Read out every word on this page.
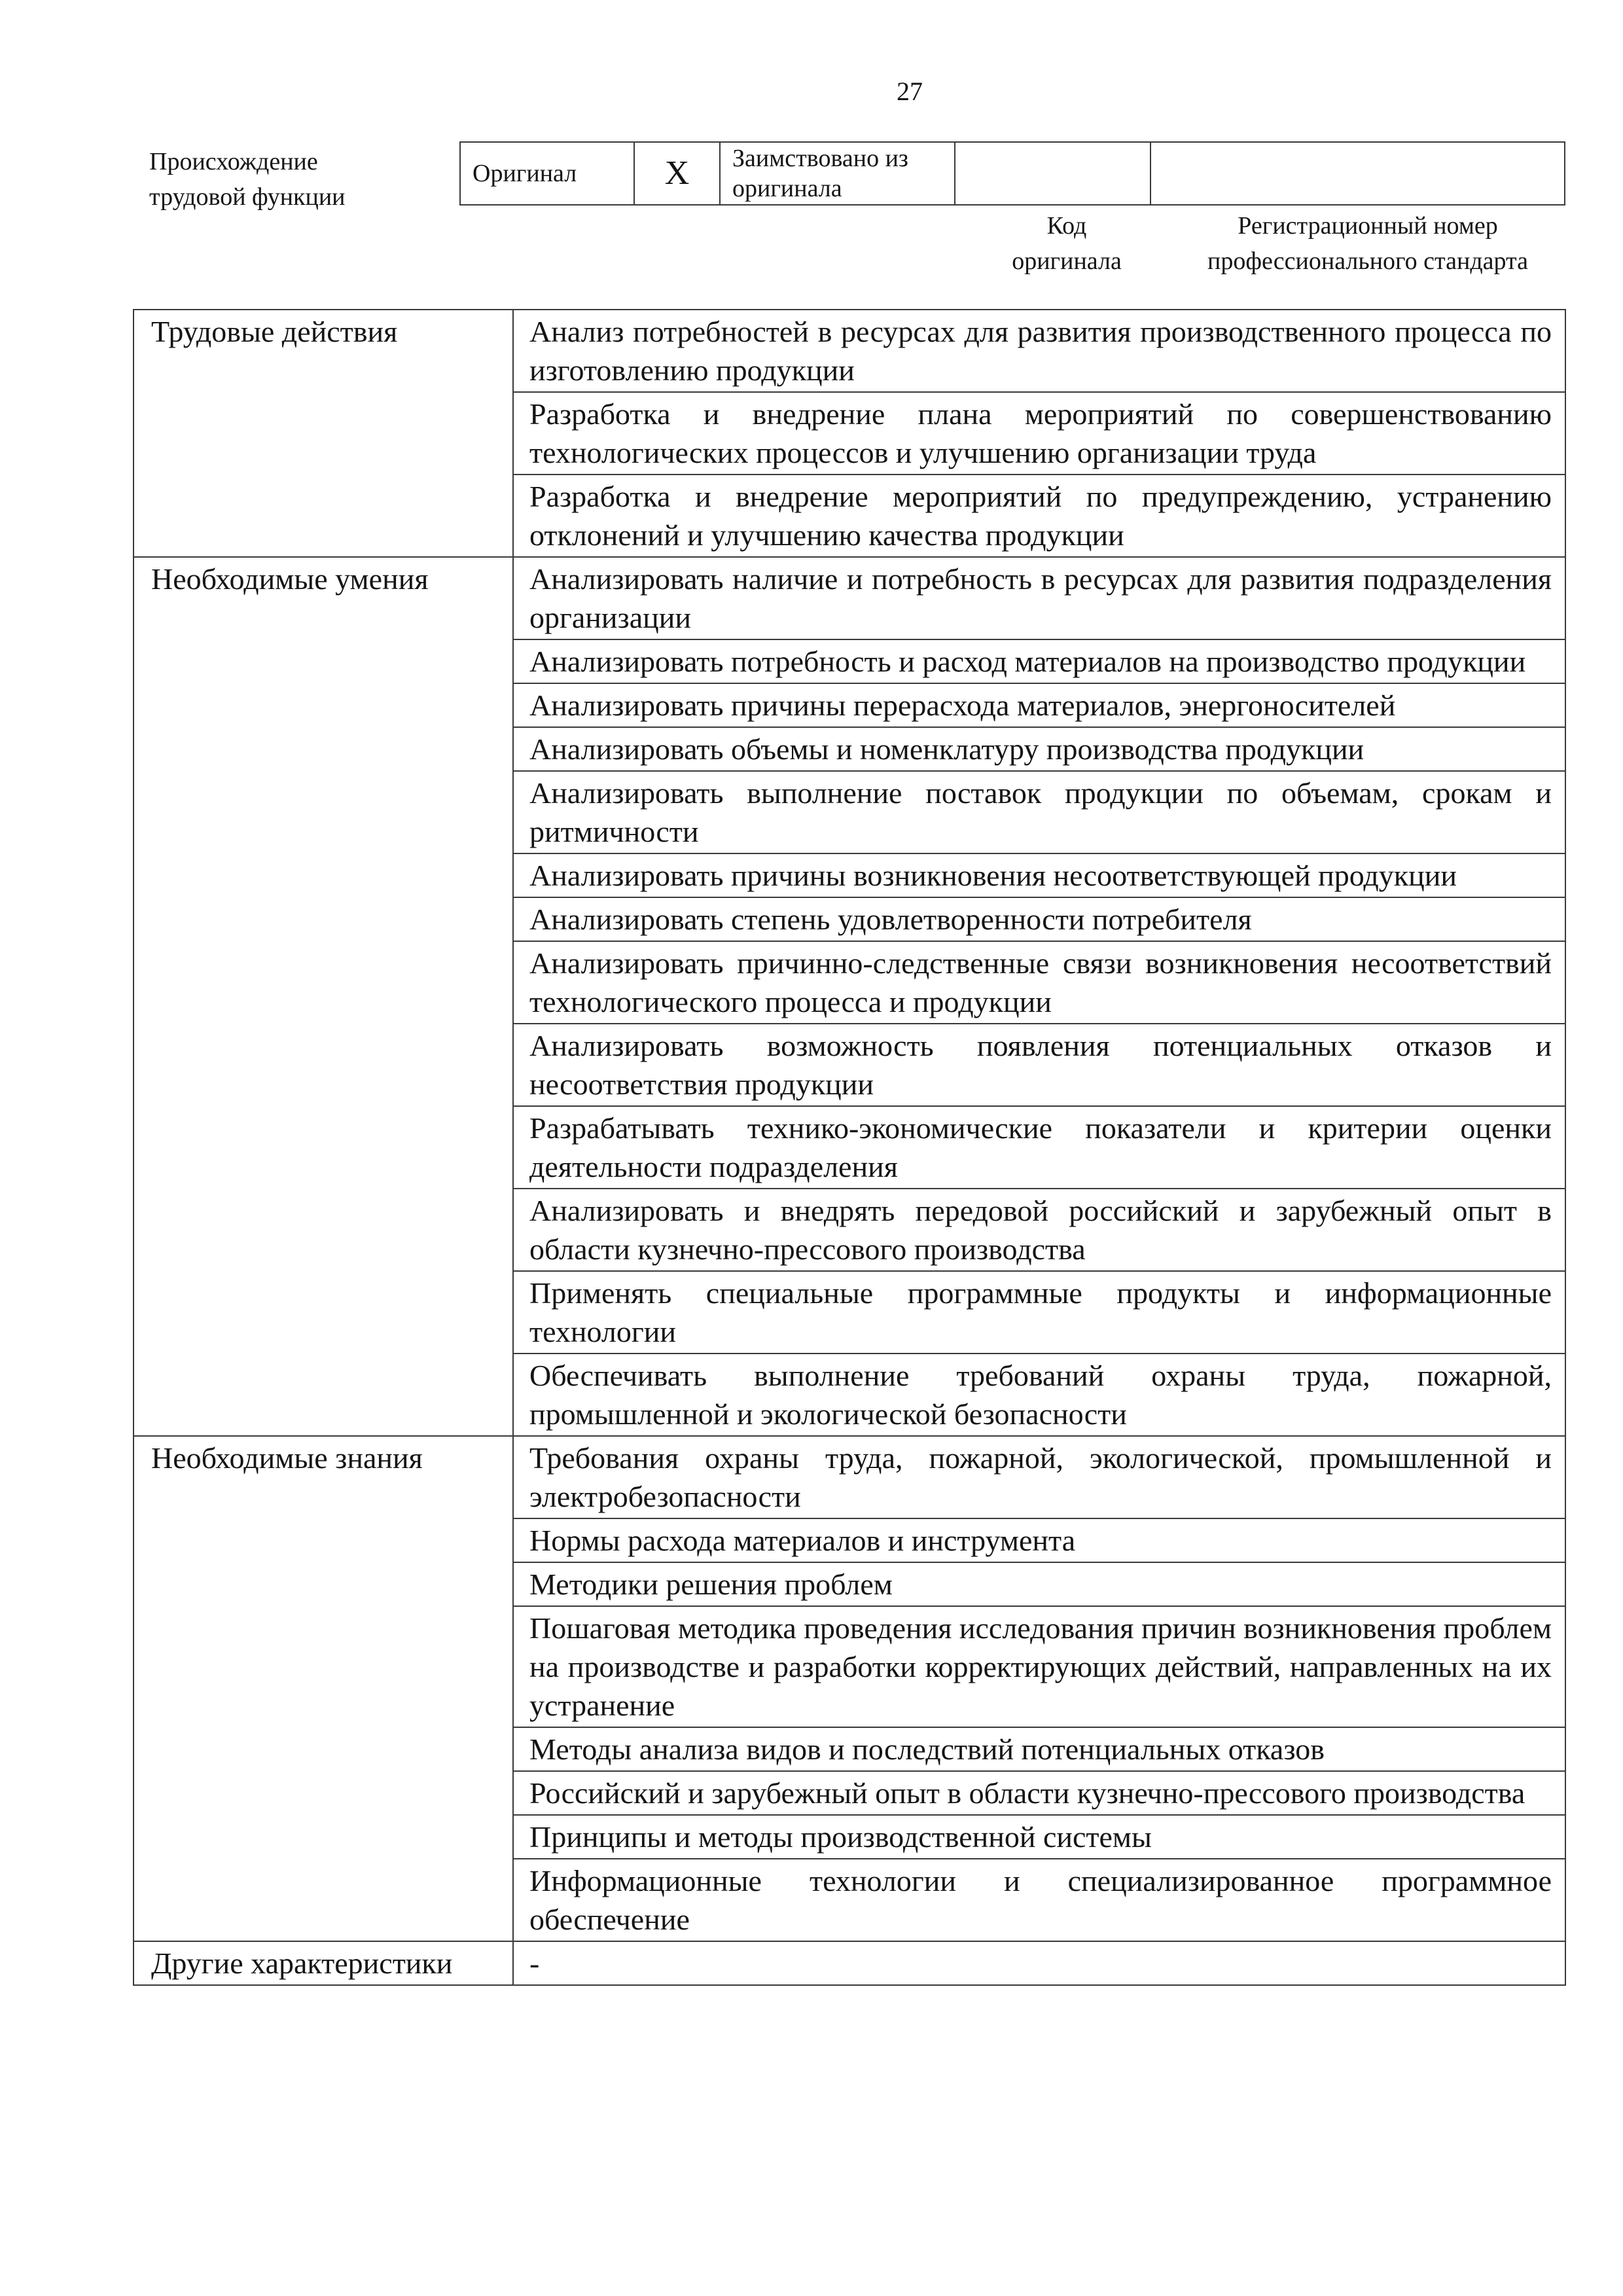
27
Происхождение
трудовой функции
Оригинал	X	Заимствовано из
оригинала

Код
оригинала
Регистрационный номер
профессионального стандарта
Трудовые действия	Анализ потребностей в ресурсах для развития производственного процесса по изготовлению продукции
	Разработка и внедрение плана мероприятий по совершенствованию технологических процессов и улучшению организации труда
	Разработка и внедрение мероприятий по предупреждению, устранению отклонений и улучшению качества продукции
Необходимые умения	Анализировать наличие и потребность в ресурсах для развития подразделения организации
	Анализировать потребность и расход материалов на производство продукции
	Анализировать причины перерасхода материалов, энергоносителей
	Анализировать объемы и номенклатуру производства продукции
	Анализировать выполнение поставок продукции по объемам, срокам и ритмичности
	Анализировать причины возникновения несоответствующей продукции
	Анализировать степень удовлетворенности потребителя
	Анализировать причинно-следственные связи возникновения несоответствий технологического процесса и продукции
	Анализировать возможность появления потенциальных отказов и несоответствия продукции
	Разрабатывать технико-экономические показатели и критерии оценки деятельности подразделения
	Анализировать и внедрять передовой российский и зарубежный опыт в области кузнечно-прессового производства
	Применять специальные программные продукты и информационные технологии
	Обеспечивать выполнение требований охраны труда, пожарной, промышленной и экологической безопасности
Необходимые знания	Требования охраны труда, пожарной, экологической, промышленной и электробезопасности
	Нормы расхода материалов и инструмента
	Методики решения проблем
	Пошаговая методика проведения исследования причин возникновения проблем на производстве и разработки корректирующих действий, направленных на их устранение
	Методы анализа видов и последствий потенциальных отказов
	Российский и зарубежный опыт в области кузнечно-прессового производства
	Принципы и методы производственной системы
	Информационные технологии и специализированное программное обеспечение
Другие характеристики	-
